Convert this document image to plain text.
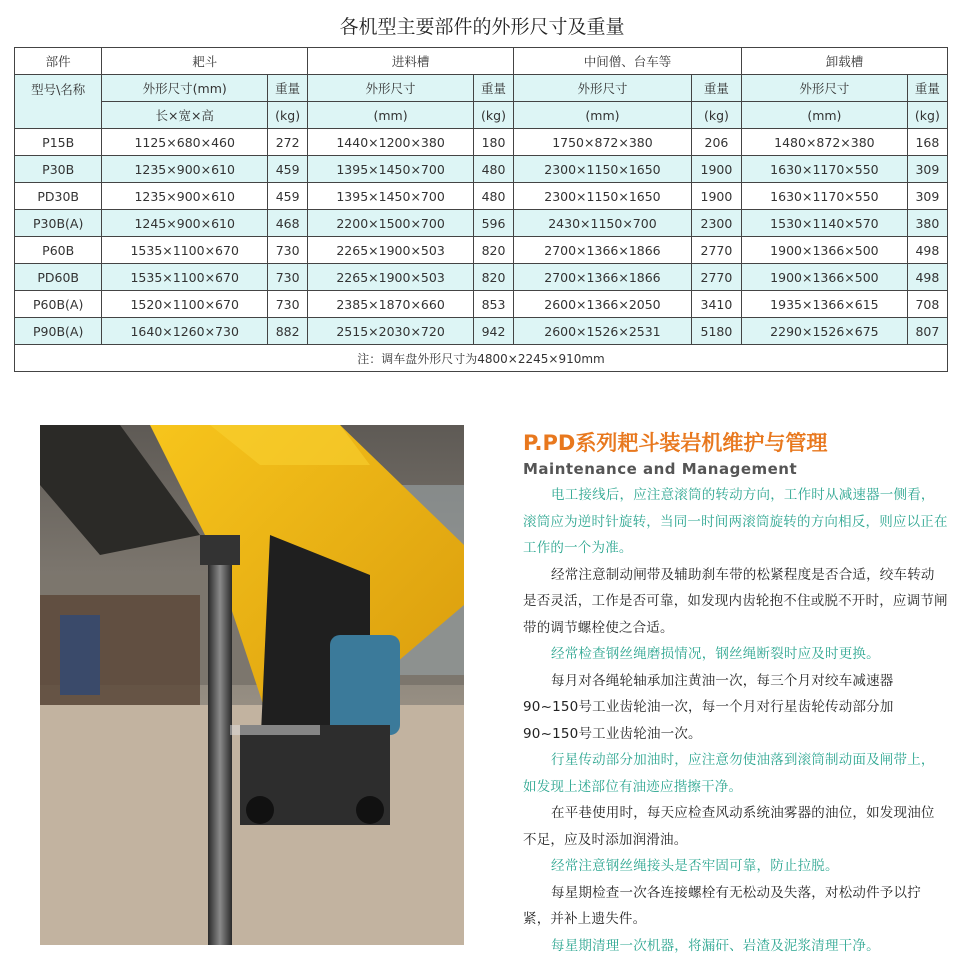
各机型主要部件的外形尺寸及重量
部件	耙斗		进料槽		中间僧、台车等		卸载槽	
型号\名称	外形尺寸(mm)	重量	外形尺寸	重量	外形尺寸	重量	外形尺寸	重量
	长×宽×高	(kg)	(mm)	(kg)	(mm)	(kg)	(mm)	(kg)
P15B	1125×680×460	272	1440×1200×380	180	1750×872×380	206	1480×872×380	168
P30B	1235×900×610	459	1395×1450×700	480	2300×1150×1650	1900	1630×1170×550	309
PD30B	1235×900×610	459	1395×1450×700	480	2300×1150×1650	1900	1630×1170×550	309
P30B(A)	1245×900×610	468	2200×1500×700	596	2430×1150×700	2300	1530×1140×570	380
P60B	1535×1100×670	730	2265×1900×503	820	2700×1366×1866	2770	1900×1366×500	498
PD60B	1535×1100×670	730	2265×1900×503	820	2700×1366×1866	2770	1900×1366×500	498
P60B(A)	1520×1100×670	730	2385×1870×660	853	2600×1366×2050	3410	1935×1366×615	708
P90B(A)	1640×1260×730	882	2515×2030×720	942	2600×1526×2531	5180	2290×1526×675	807
注：调车盘外形尺寸为4800×2245×910mm								
P.PD系列耙斗装岩机维护与管理
Maintenance and Management

电工接线后，应注意滚筒的转动方向，工作时从减速器一侧看，滚筒应为逆时针旋转，当同一时间两滚筒旋转的方向相反，则应以正在工作的一个为准。

经常注意制动闸带及辅助刹车带的松紧程度是否合适，绞车转动是否灵活，工作是否可靠，如发现内齿轮抱不住或脱不开时，应调节闸带的调节螺栓使之合适。

经常检查钢丝绳磨损情况，钢丝绳断裂时应及时更换。

每月对各绳轮轴承加注黄油一次，每三个月对绞车减速器90~150号工业齿轮油一次，每一个月对行星齿轮传动部分加90~150号工业齿轮油一次。

行星传动部分加油时，应注意勿使油落到滚筒制动面及闸带上，如发现上述部位有油迹应揩擦干净。

在平巷使用时，每天应检查风动系统油雾器的油位，如发现油位不足，应及时添加润滑油。

经常注意钢丝绳接头是否牢固可靠，防止拉脱。

每星期检查一次各连接螺栓有无松动及失落，对松动件予以拧紧，并补上遗失件。

每星期清理一次机器，将漏矸、岩渣及泥浆清理干净。
